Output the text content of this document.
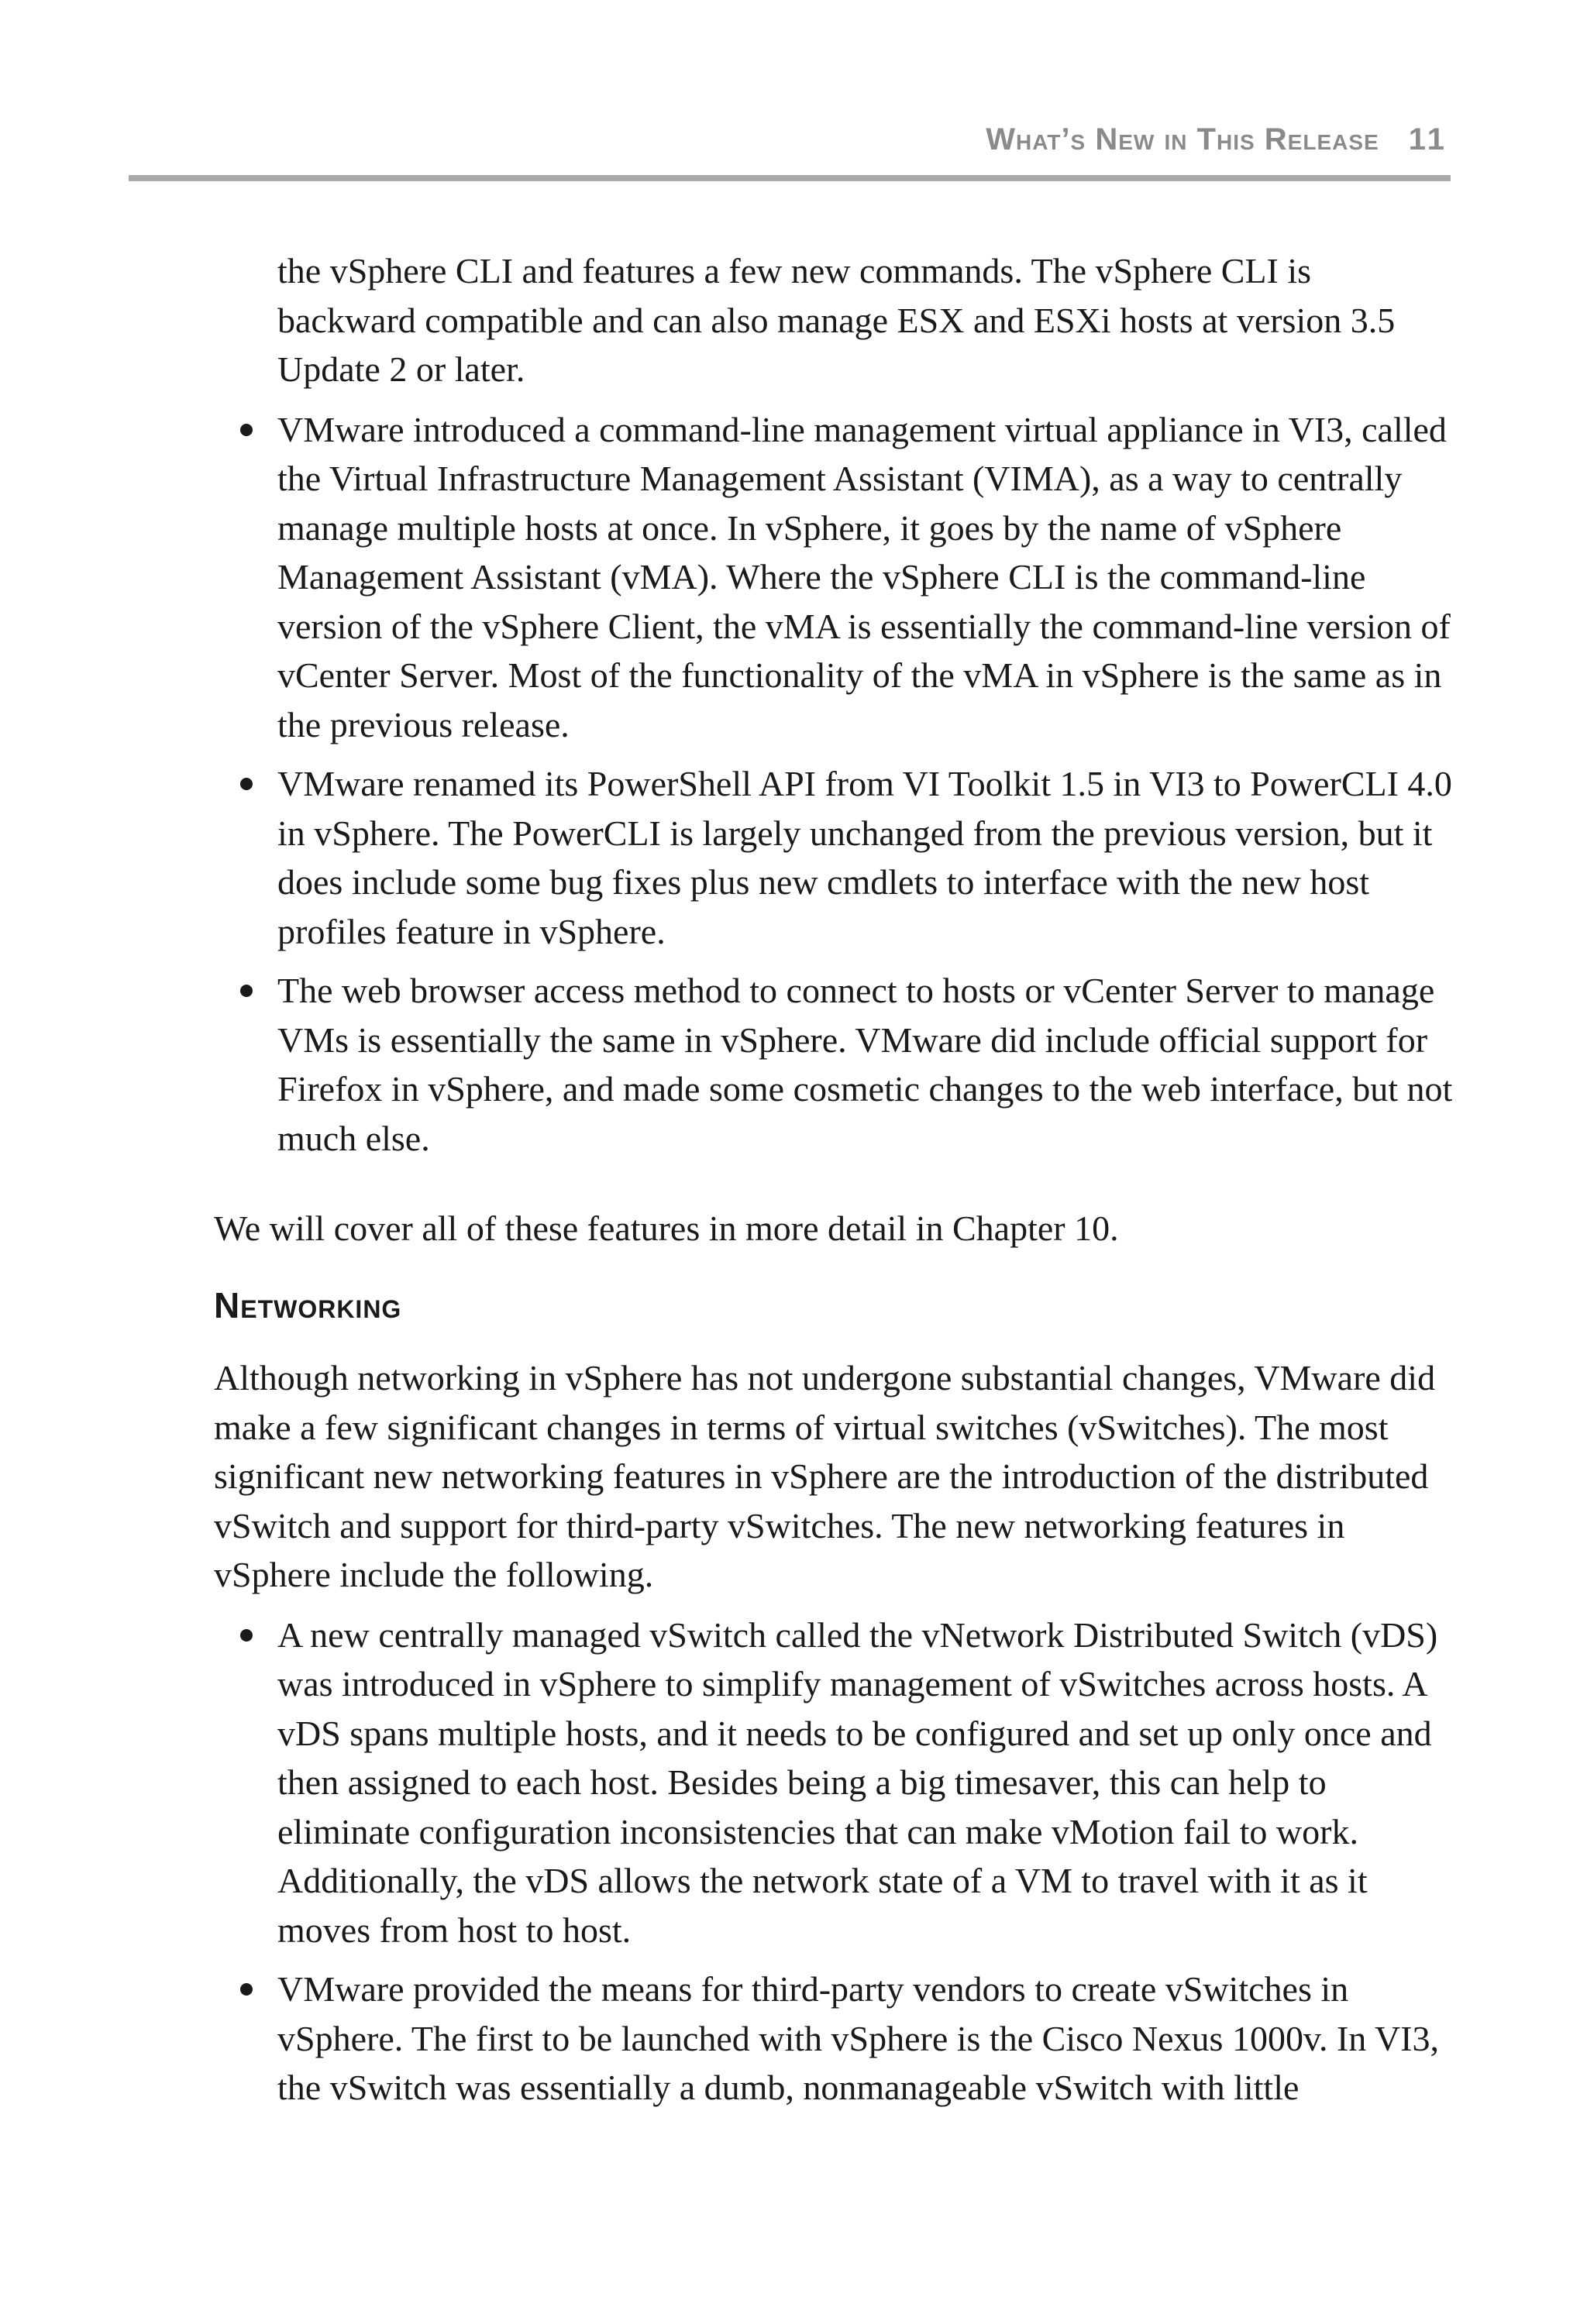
What’s New in This Release 11

the vSphere CLI and features a few new commands. The vSphere CLI is backward compatible and can also manage ESX and ESXi hosts at version 3.5 Update 2 or later.

VMware introduced a command-line management virtual appliance in VI3, called the Virtual Infrastructure Management Assistant (VIMA), as a way to centrally manage multiple hosts at once. In vSphere, it goes by the name of vSphere Management Assistant (vMA). Where the vSphere CLI is the command-line version of the vSphere Client, the vMA is essentially the command-line version of vCenter Server. Most of the functionality of the vMA in vSphere is the same as in the previous release.
VMware renamed its PowerShell API from VI Toolkit 1.5 in VI3 to PowerCLI 4.0 in vSphere. The PowerCLI is largely unchanged from the previous version, but it does include some bug fixes plus new cmdlets to interface with the new host profiles feature in vSphere.
The web browser access method to connect to hosts or vCenter Server to manage VMs is essentially the same in vSphere. VMware did include official support for Firefox in vSphere, and made some cosmetic changes to the web interface, but not much else.

We will cover all of these features in more detail in Chapter 10.

Networking

Although networking in vSphere has not undergone substantial changes, VMware did make a few significant changes in terms of virtual switches (vSwitches). The most significant new networking features in vSphere are the introduction of the distributed vSwitch and support for third-party vSwitches. The new networking features in vSphere include the following.

A new centrally managed vSwitch called the vNetwork Distributed Switch (vDS) was introduced in vSphere to simplify management of vSwitches across hosts. A vDS spans multiple hosts, and it needs to be configured and set up only once and then assigned to each host. Besides being a big timesaver, this can help to eliminate configuration inconsistencies that can make vMotion fail to work. Additionally, the vDS allows the network state of a VM to travel with it as it moves from host to host.
VMware provided the means for third-party vendors to create vSwitches in vSphere. The first to be launched with vSphere is the Cisco Nexus 1000v. In VI3, the vSwitch was essentially a dumb, nonmanageable vSwitch with little
